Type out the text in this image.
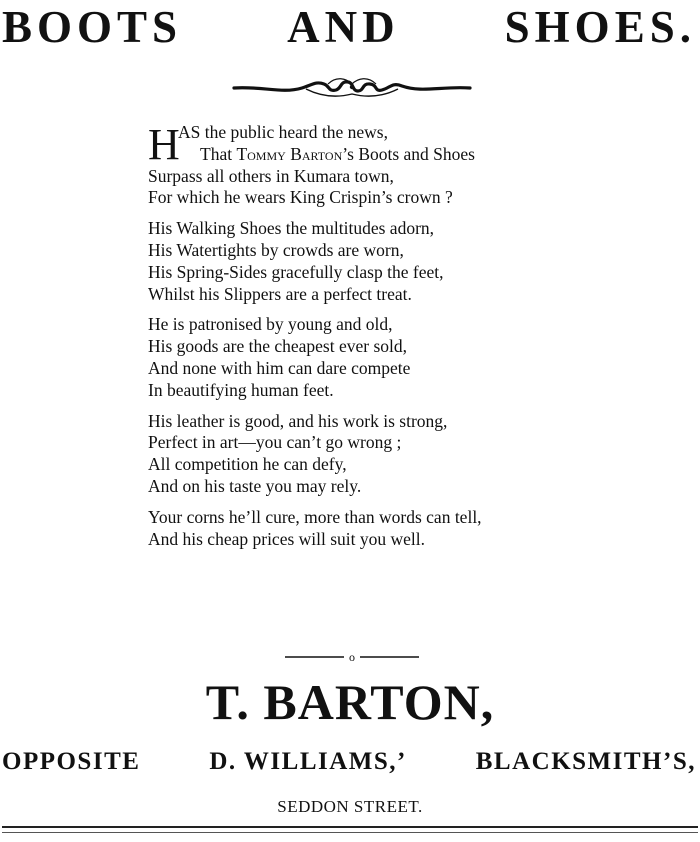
BOOTS AND SHOES.
H
AS the public heard the news,
That Tommy Barton’s Boots and Shoes
Surpass all others in Kumara town,
For which he wears King Crispin’s crown ?
His Walking Shoes the multitudes adorn,
His Watertights by crowds are worn,
His Spring-Sides gracefully clasp the feet,
Whilst his Slippers are a perfect treat.
He is patronised by young and old,
His goods are the cheapest ever sold,
And none with him can dare compete
In beautifying human feet.
His leather is good, and his work is strong,
Perfect in art—you can’t go wrong ;
All competition he can defy,
And on his taste you may rely.
Your corns he’ll cure, more than words can tell,
And his cheap prices will suit you well.
o
T. BARTON,
OPPOSITE	D. WILLIAMS,’	BLACKSMITH’S,
SEDDON STREET.
